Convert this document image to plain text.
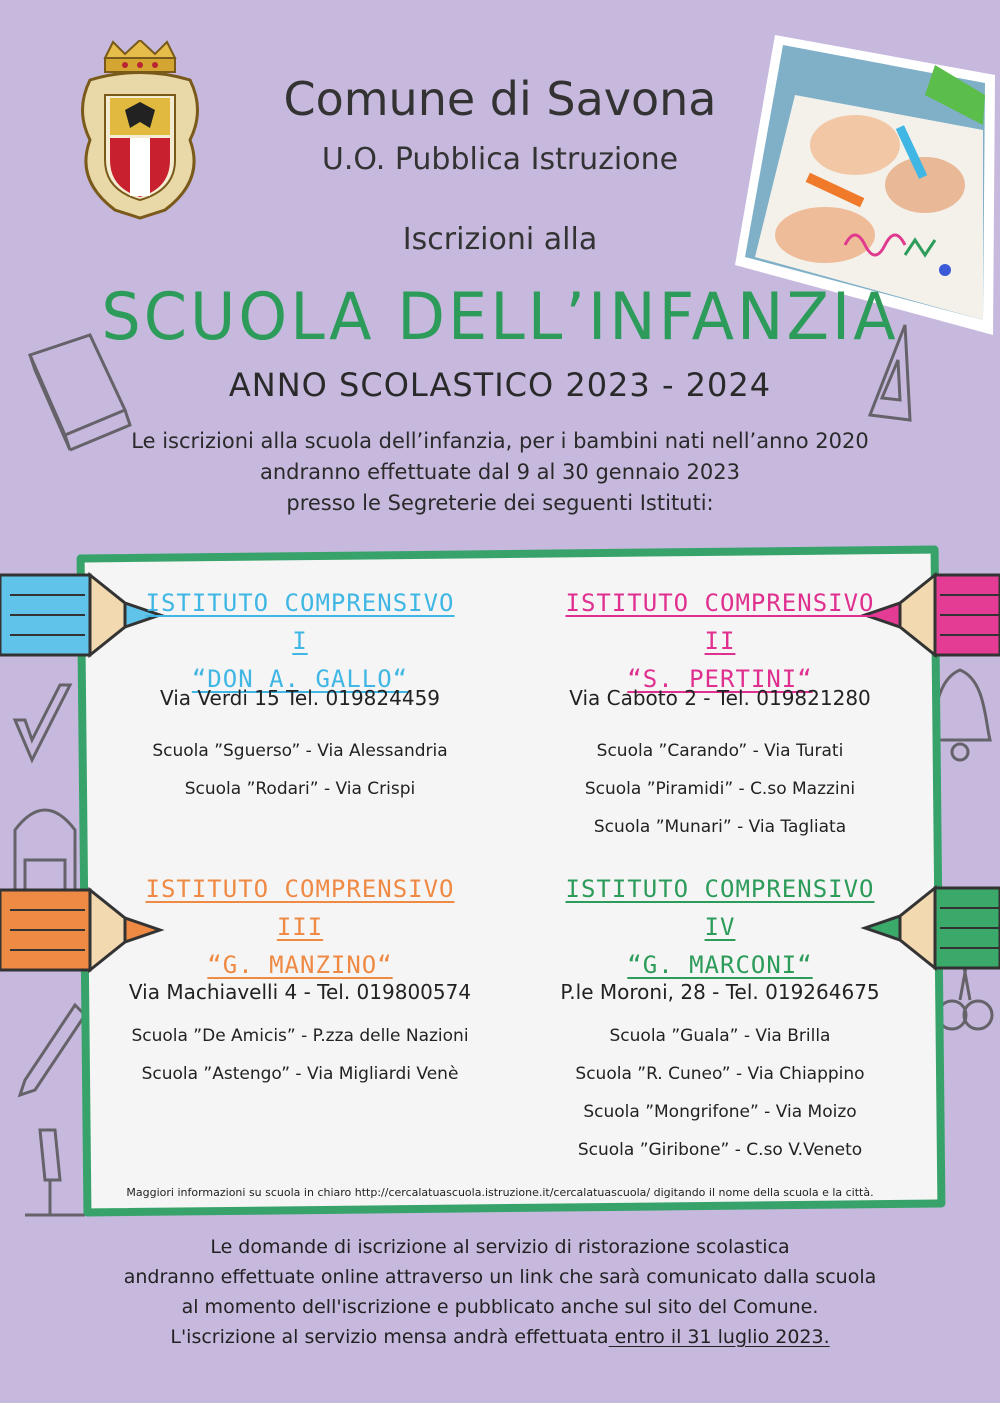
Comune di Savona
U.O. Pubblica Istruzione
Iscrizioni alla
SCUOLA DELL’INFANZIA
ANNO SCOLASTICO 2023 - 2024
Le iscrizioni alla scuola dell’infanzia, per i bambini nati nell’anno 2020
andranno effettuate dal 9 al 30 gennaio 2023
presso le Segreterie dei seguenti Istituti:
ISTITUTO COMPRENSIVO I
“DON A. GALLO“
Via Verdi 15 Tel. 019824459
Scuola ”Sguerso” - Via Alessandria
Scuola ”Rodari” - Via Crispi
ISTITUTO COMPRENSIVO II
“S. PERTINI“
Via Caboto 2 - Tel. 019821280
Scuola ”Carando” - Via Turati
Scuola ”Piramidi” - C.so Mazzini
Scuola ”Munari” - Via Tagliata
ISTITUTO COMPRENSIVO III
“G. MANZINO“
Via Machiavelli 4 - Tel. 019800574
Scuola ”De Amicis” - P.zza delle Nazioni
Scuola ”Astengo” - Via Migliardi Venè
ISTITUTO COMPRENSIVO IV
“G. MARCONI“
P.le Moroni, 28 - Tel. 019264675
Scuola ”Guala” - Via Brilla
Scuola ”R. Cuneo” - Via Chiappino
Scuola ”Mongrifone” - Via Moizo
Scuola ”Giribone” - C.so V.Veneto
Maggiori informazioni su scuola in chiaro http://cercalatuascuola.istruzione.it/cercalatuascuola/ digitando il nome della scuola e la città.
Le domande di iscrizione al servizio di ristorazione scolastica
andranno effettuate online attraverso un link che sarà comunicato dalla scuola
al momento dell'iscrizione e pubblicato anche sul sito del Comune.
L'iscrizione al servizio mensa andrà effettuata entro il 31 luglio 2023.
